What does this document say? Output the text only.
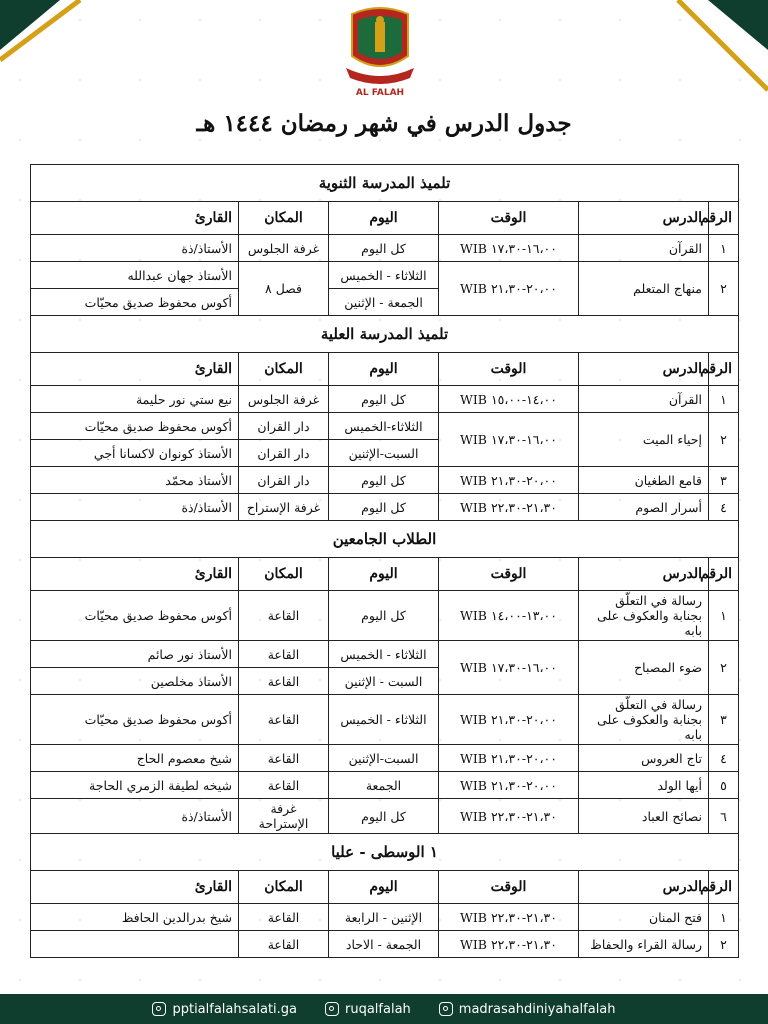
AL FALAH
جدول الدرس في شهر رمضان ١٤٤٤ هـ
تلميذ المدرسة الثنوية					
الرقم	الدرس	الوقت	اليوم	المكان	القارئ
١	القرآن	١٦،٠٠-١٧،٣٠ WIB	كل اليوم	غرفة الجلوس	الأستاذ/ذة
٢	منهاج المتعلم	٢٠،٠٠-٢١،٣٠ WIB	الثلاثاء - الخميس	فصل ٨	الأستاذ جهان عبدالله
			الجمعة - الإثنين		أكوس محفوظ صديق محيّات
تلميذ المدرسة العلية					
الرقم	الدرس	الوقت	اليوم	المكان	القارئ
١	القرآن	١٤،٠٠-١٥،٠٠ WIB	كل اليوم	غرفة الجلوس	نيع ستي نور حليمة
٢	إحياء الميت	١٦،٠٠-١٧،٣٠ WIB	الثلاثاء-الخميس	دار القران	أكوس محفوظ صديق محيّات
			السبت-الإثنين	دار القران	الأستاذ كونوان لاكسانا أجي
٣	قامع الطغيان	٢٠،٠٠-٢١،٣٠ WIB	كل اليوم	دار القران	الأستاذ محمّد
٤	أسرار الصوم	٢١،٣٠-٢٢،٣٠ WIB	كل اليوم	غرفة الإستراح	الأستاذ/ذة
الطلاب الجامعين					
الرقم	الدرس	الوقت	اليوم	المكان	القارئ
١	رسالة في التعلّق بجنابة والعكوف على بابه	١٣،٠٠-١٤،٠٠ WIB	كل اليوم	القاعة	أكوس محفوظ صديق محيّات
٢	ضوء المصباح	١٦،٠٠-١٧،٣٠ WIB	الثلاثاء - الخميس	القاعة	الأستاذ نور صائم
			السبت - الإثنين	القاعة	الأستاذ مخلصين
٣	رسالة في التعلّق بجنابة والعكوف على بابه	٢٠،٠٠-٢١،٣٠ WIB	الثلاثاء - الخميس	القاعة	أكوس محفوظ صديق محيّات
٤	تاج العروس	٢٠،٠٠-٢١،٣٠ WIB	السبت-الإثنين	القاعة	شيخ معصوم الحاج
٥	أيها الولد	٢٠،٠٠-٢١،٣٠ WIB	الجمعة	القاعة	شيخه لطيفة الزمري الحاجة
٦	نصائح العباد	٢١،٣٠-٢٢،٣٠ WIB	كل اليوم	غرفة الإستراحة	الأستاذ/ذة
١ الوسطى - عليا					
الرقم	الدرس	الوقت	اليوم	المكان	القارئ
١	فتح المنان	٢١،٣٠-٢٢،٣٠ WIB	الإثنين - الرابعة	القاعة	شيخ بدرالدين الحافظ
٢	رسالة القراء والحفاظ	٢١،٣٠-٢٢،٣٠ WIB	الجمعة - الاحاد	القاعة	
pptialfalahsalati.ga	ruqalfalah	madrasahdiniyahalfalah
